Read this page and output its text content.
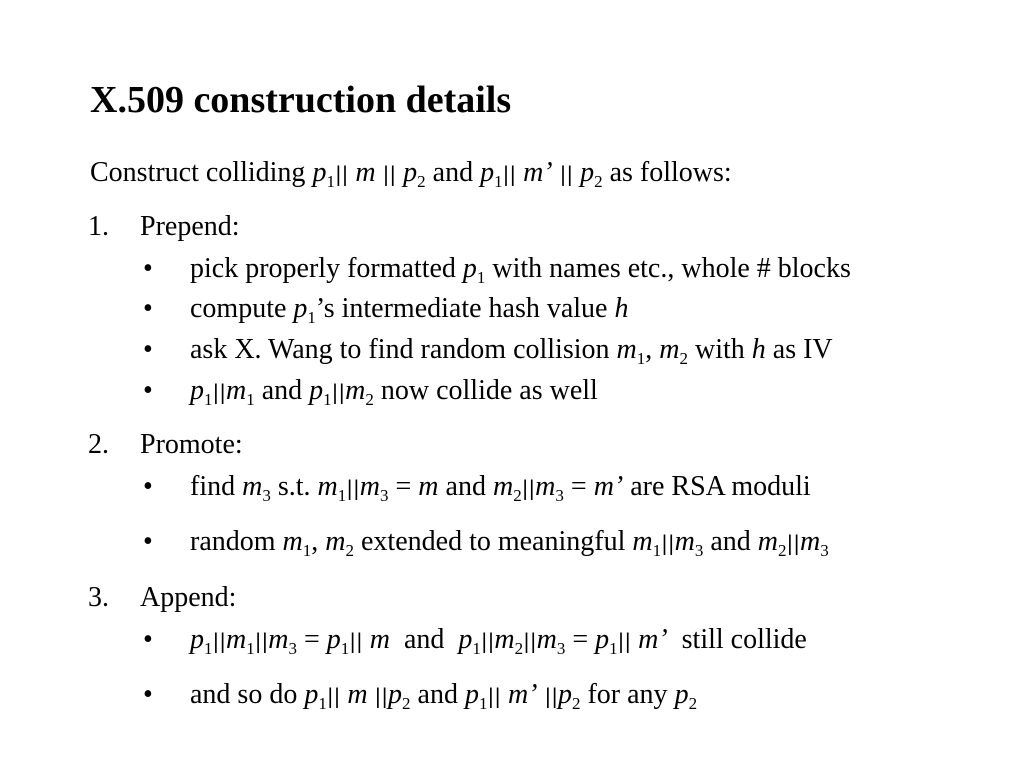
X.509 construction details
Construct colliding $p_1||$ m || $p_2$ and $p_1||$ m’ || $p_2$ as follows:
1. Prepend:
• pick properly formatted $p_1$ with names etc., whole # blocks
• compute $p_1’s$ intermediate hash value h
• ask X. Wang to find random collision $m_1$, $m_2$ with h as IV
• $p_1||m_1$ and $p_1||m_2$ now collide as well
2. Promote:
• find $m_3$ s.t. $m_1||m_3 = m$ and $m_2||m_3 = m$’ are RSA moduli
• random $m_1$, $m_2$ extended to meaningful $m_1||m_3$ and $m_2||m_3$
3. Append:
• $p_1||m_1||m_3 = p_1||$ m  and  $p_1||m_2||m_3 = p_1||$ m’  still collide
• and so do $p_1||$ m $||p_2$ and $p_1||$ m’ $||p_2$ for any $p_2$
